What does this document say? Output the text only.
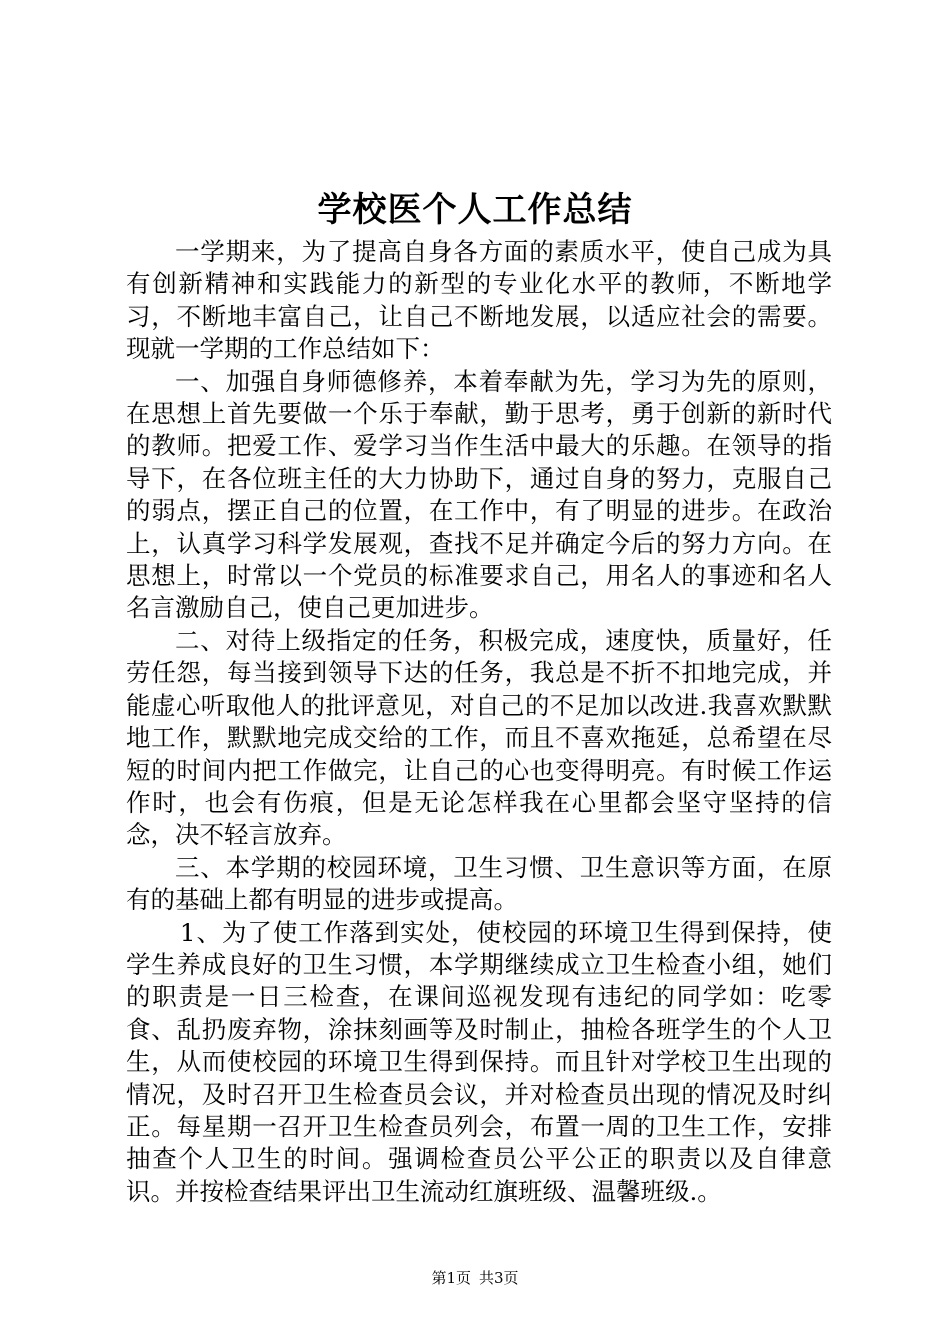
学校医个人工作总结

一学期来，为了提高自身各方面的素质水平，使自己成为具有创新精神和实践能力的新型的专业化水平的教师，不断地学习，不断地丰富自己，让自己不断地发展，以适应社会的需要。现就一学期的工作总结如下：

一、加强自身师德修养，本着奉献为先，学习为先的原则，在思想上首先要做一个乐于奉献，勤于思考，勇于创新的新时代的教师。把爱工作、爱学习当作生活中最大的乐趣。在领导的指导下，在各位班主任的大力协助下，通过自身的努力，克服自己的弱点，摆正自己的位置，在工作中，有了明显的进步。在政治上，认真学习科学发展观，查找不足并确定今后的努力方向。在思想上，时常以一个党员的标准要求自己，用名人的事迹和名人名言激励自己，使自己更加进步。

二、对待上级指定的任务，积极完成，速度快，质量好，任劳任怨，每当接到领导下达的任务，我总是不折不扣地完成，并能虚心听取他人的批评意见，对自己的不足加以改进.我喜欢默默地工作，默默地完成交给的工作，而且不喜欢拖延，总希望在尽短的时间内把工作做完，让自己的心也变得明亮。有时候工作运作时，也会有伤痕，但是无论怎样我在心里都会坚守坚持的信念，决不轻言放弃。

三、本学期的校园环境，卫生习惯、卫生意识等方面，在原有的基础上都有明显的进步或提高。

1、为了使工作落到实处，使校园的环境卫生得到保持，使学生养成良好的卫生习惯，本学期继续成立卫生检查小组，她们的职责是一日三检查，在课间巡视发现有违纪的同学如：吃零食、乱扔废弃物，涂抹刻画等及时制止，抽检各班学生的个人卫生，从而使校园的环境卫生得到保持。而且针对学校卫生出现的情况，及时召开卫生检查员会议，并对检查员出现的情况及时纠正。每星期一召开卫生检查员列会，布置一周的卫生工作，安排抽查个人卫生的时间。强调检查员公平公正的职责以及自律意识。并按检查结果评出卫生流动红旗班级、温馨班级.。

第1页 共3页
